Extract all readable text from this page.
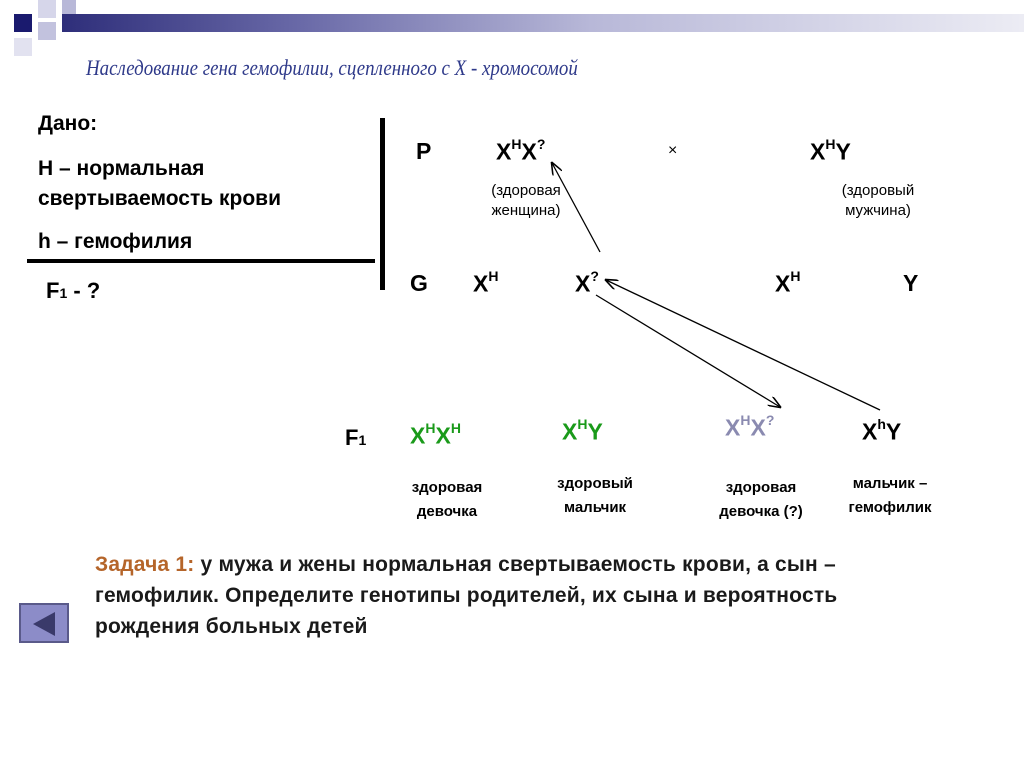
Наследование гена гемофилии, сцепленного с X - хромосомой
Дано:
H – нормальная свертываемость крови
h – гемофилия
F1 - ?
P	$X^HX^?$	×	$X^HY$
(здоровая
женщина)
(здоровый
мужчина)
G $X^H$	X?	$X^H$	Y
F1 $X^HX^H$	$X^HY$	$X^HX^?$	$X^hY$
здоровая
девочка
здоровый
мальчик
здоровая
девочка (?)
мальчик –
гемофилик
Задача 1: у мужа и жены нормальная свертываемость крови, а сын – гемофилик. Определите генотипы родителей, их сына и вероятность рождения больных детей
